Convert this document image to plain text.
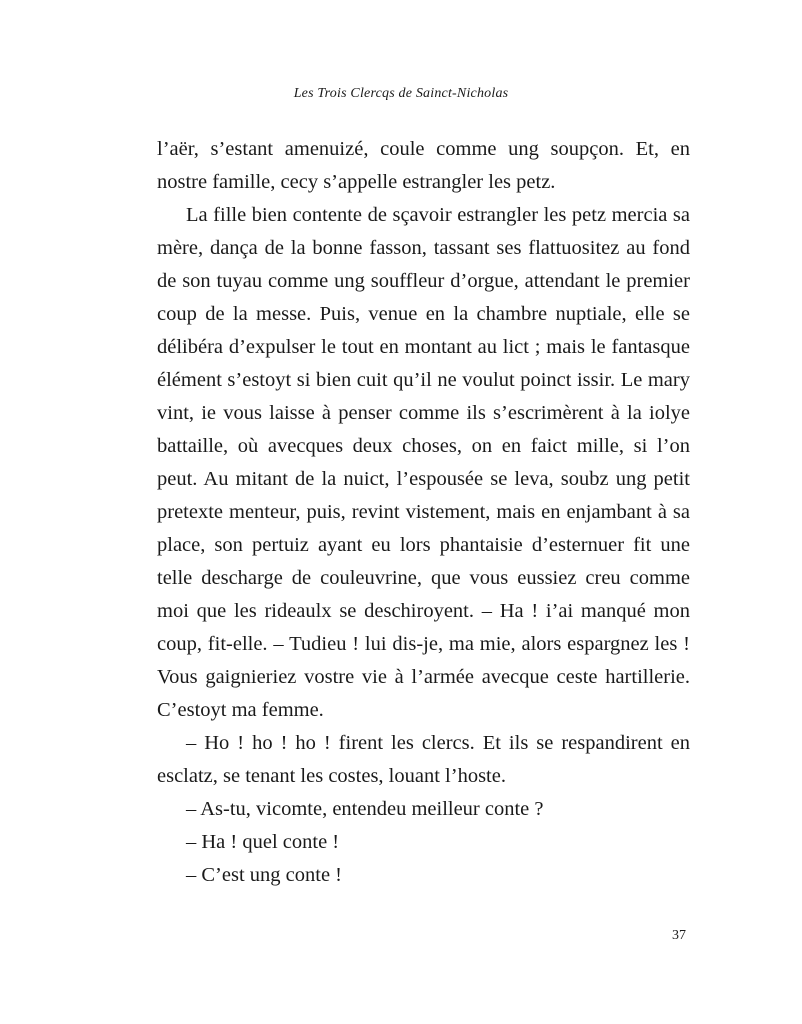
Les Trois Clercqs de Sainct-Nicholas

l’aër, s’estant amenuizé, coule comme ung soupçon. Et, en nostre famille, cecy s’appelle estrangler les petz.

La fille bien contente de sçavoir estrangler les petz mercia sa mère, dança de la bonne fasson, tassant ses flattuositez au fond de son tuyau comme ung souffleur d’orgue, attendant le premier coup de la messe. Puis, venue en la chambre nuptiale, elle se délibéra d’expulser le tout en montant au lict ; mais le fantasque élément s’estoyt si bien cuit qu’il ne voulut poinct issir. Le mary vint, ie vous laisse à penser comme ils s’escrimèrent à la iolye battaille, où avecques deux choses, on en faict mille, si l’on peut. Au mitant de la nuict, l’espousée se leva, soubz ung petit pretexte menteur, puis, revint vistement, mais en enjambant à sa place, son pertuiz ayant eu lors phantaisie d’esternuer fit une telle descharge de couleuvrine, que vous eussiez creu comme moi que les rideaulx se deschiroyent. – Ha ! i’ai manqué mon coup, fit-elle. – Tudieu ! lui dis-je, ma mie, alors espargnez les ! Vous gaignieriez vostre vie à l’armée avecque ceste hartillerie. C’estoyt ma femme.

– Ho ! ho ! ho ! firent les clercs. Et ils se respandirent en esclatz, se tenant les costes, louant l’hoste.

– As-tu, vicomte, entendeu meilleur conte ?

– Ha ! quel conte !

– C’est ung conte !

37
